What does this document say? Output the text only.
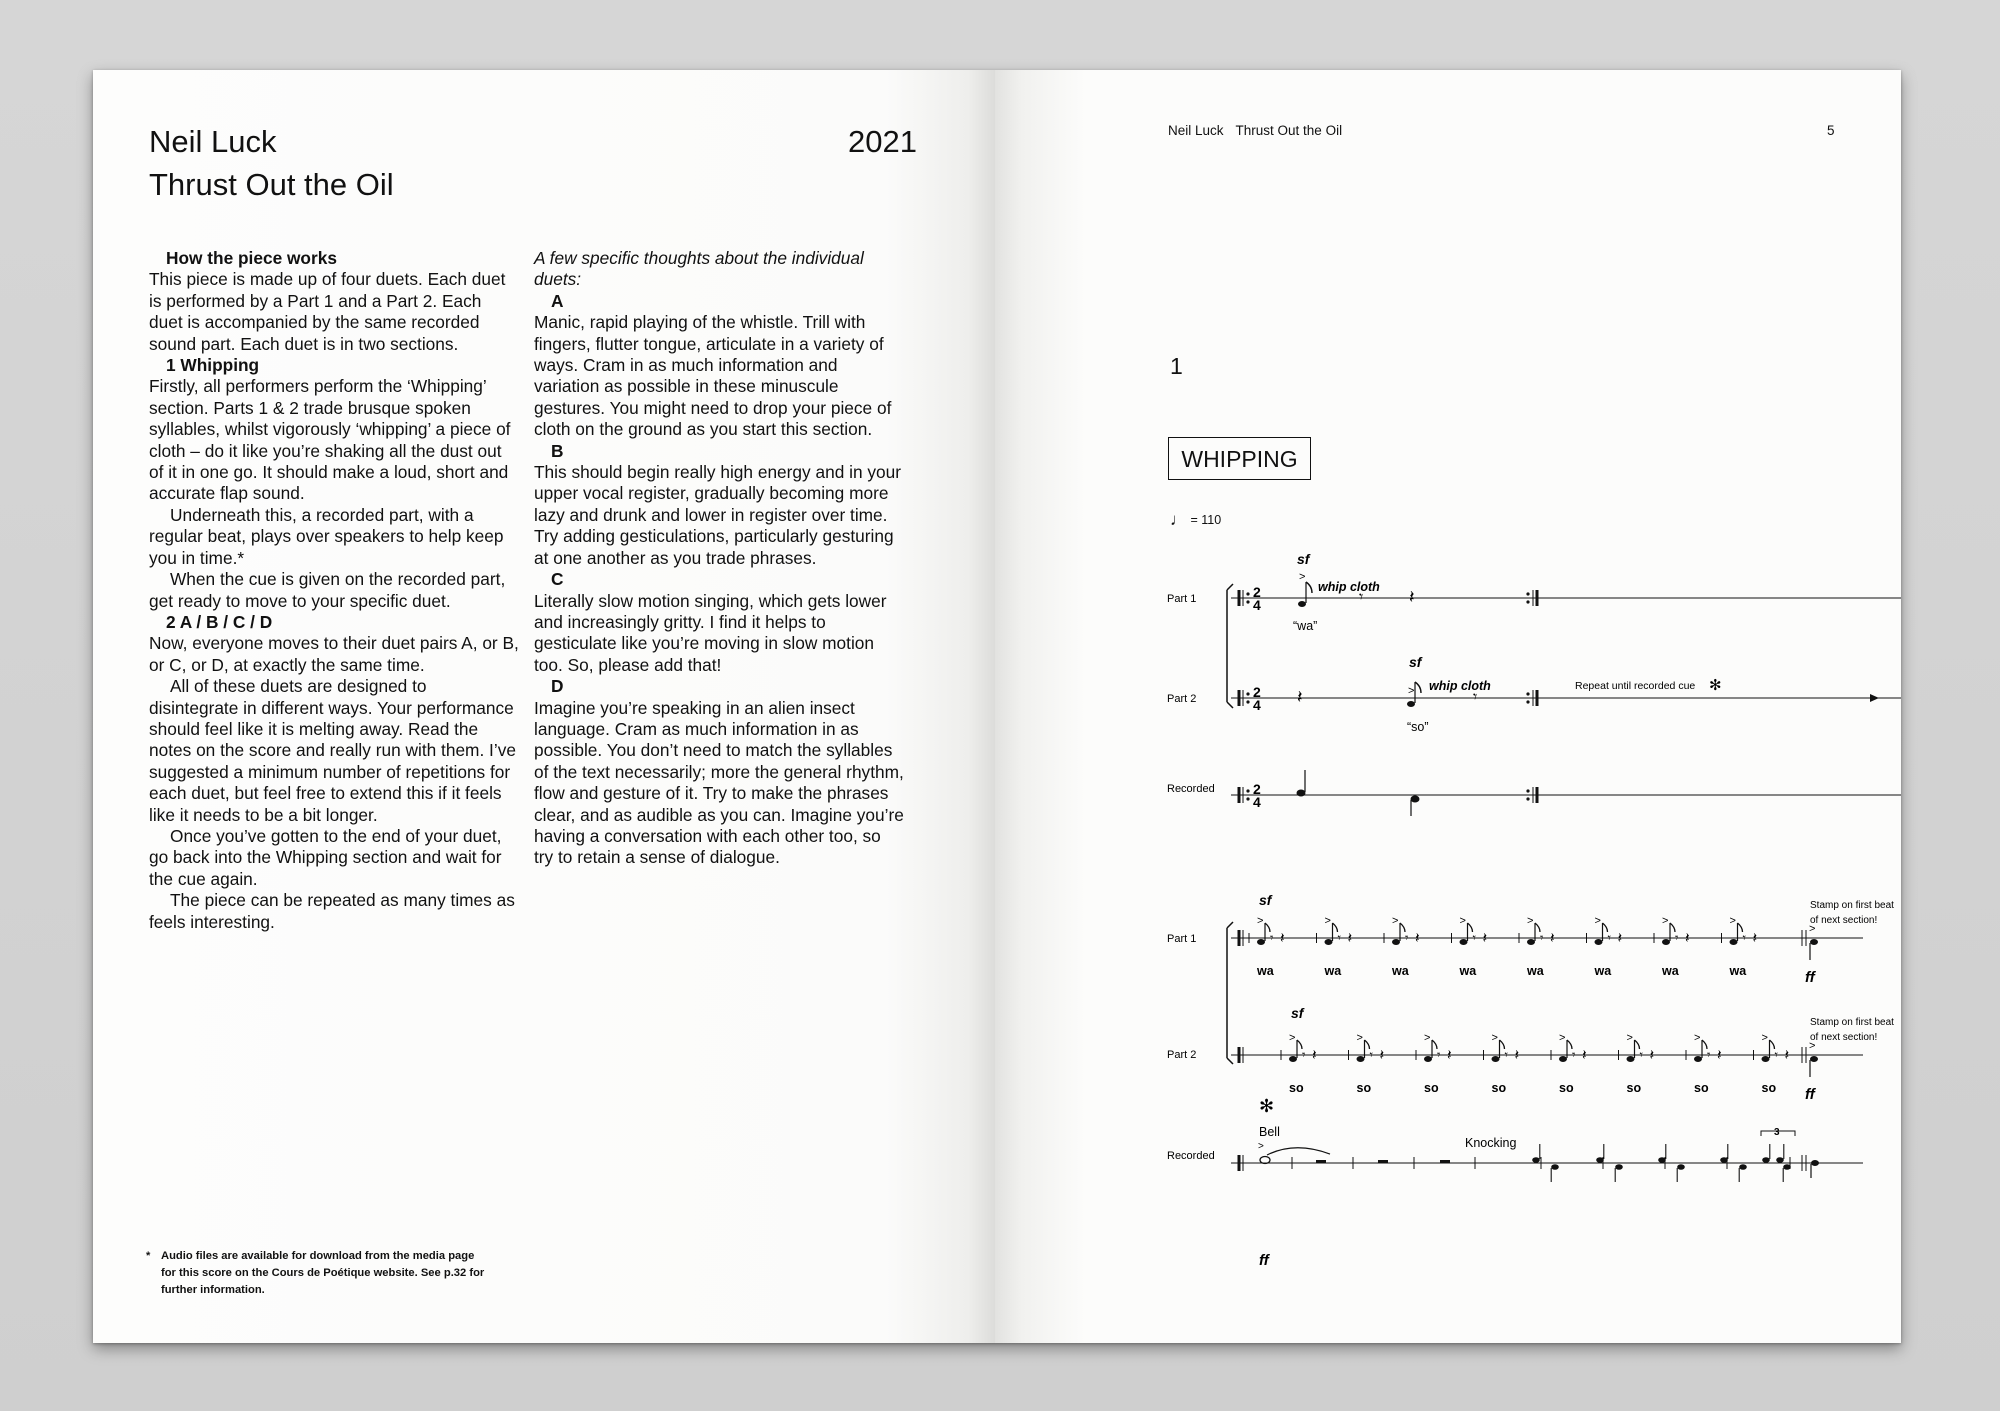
Neil Luck
Thrust Out the Oil
2021

How the piece works

This piece is made up of four duets. Each duet is performed by a Part 1 and a Part 2. Each duet is accompanied by the same recorded sound part. Each duet is in two sections.

1 Whipping

Firstly, all performers perform the ‘Whipping’ section. Parts 1 & 2 trade brusque spoken syllables, whilst vigorously ‘whipping’ a piece of cloth – do it like you’re shaking all the dust out of it in one go. It should make a loud, short and accurate flap sound.

Underneath this, a recorded part, with a regular beat, plays over speakers to help keep you in time.*

When the cue is given on the recorded part, get ready to move to your specific duet.

2 A / B / C / D

Now, everyone moves to their duet pairs A, or B, or C, or D, at exactly the same time.

All of these duets are designed to disintegrate in different ways. Your performance should feel like it is melting away. Read the notes on the score and really run with them. I’ve suggested a minimum number of repetitions for each duet, but feel free to extend this if it feels like it needs to be a bit longer.

Once you’ve gotten to the end of your duet, go back into the Whipping section and wait for the cue again.

The piece can be repeated as many times as feels interesting.

A few specific thoughts about the individual duets:

A

Manic, rapid playing of the whistle. Trill with fingers, flutter tongue, articulate in a variety of ways. Cram in as much information and variation as possible in these minuscule gestures. You might need to drop your piece of cloth on the ground as you start this section.

B

This should begin really high energy and in your upper vocal register, gradually becoming more lazy and drunk and lower in register over time. Try adding gesticulations, particularly gesturing at one another as you trade phrases.

C

Literally slow motion singing, which gets lower and increasingly gritty. I find it helps to gesticulate like you’re moving in slow motion too. So, please add that!

D

Imagine you’re speaking in an alien insect language. Cram as much information in as possible. You don’t need to match the syllables of the text necessarily; more the general rhythm, flow and gesture of it. Try to make the phrases clear, and as audible as you can. Imagine you’re having a conversation with each other too, so try to retain a sense of dialogue.

* Audio files are available for download from the media page for this score on the Cours de Poétique website. See p.32 for further information.
Neil Luck Thrust Out the Oil	5
1
WHIPPING
♩ = 110
Part 1
Part 2
Recorded
2
4
2
4
2
4
sf
>
whip cloth
𝄾	𝄽
“wa”
>
sf
𝄽
whip cloth
𝄾
“so”
Repeat until recorded cue ✻
Part 1
Part 2
Recorded
sf
sf
>
𝄾 𝄽
wa
>
𝄾 𝄽
wa
>
𝄾 𝄽
wa
>
𝄾 𝄽
wa
>
𝄾 𝄽
wa
>
𝄾 𝄽
wa
>
𝄾 𝄽
wa
>
𝄾 𝄽
wa
>
𝄾 𝄽
so
>
𝄾 𝄽
so
>
𝄾 𝄽
so
>
𝄾 𝄽
so
>
𝄾 𝄽
so
>
𝄾 𝄽
so
>
𝄾 𝄽
so
>
𝄾 𝄽
so
>
ff
Stamp on first beat
of next section!
>
ff
Stamp on first beat
of next section!
✻
Bell
>
ff
Knocking
3
